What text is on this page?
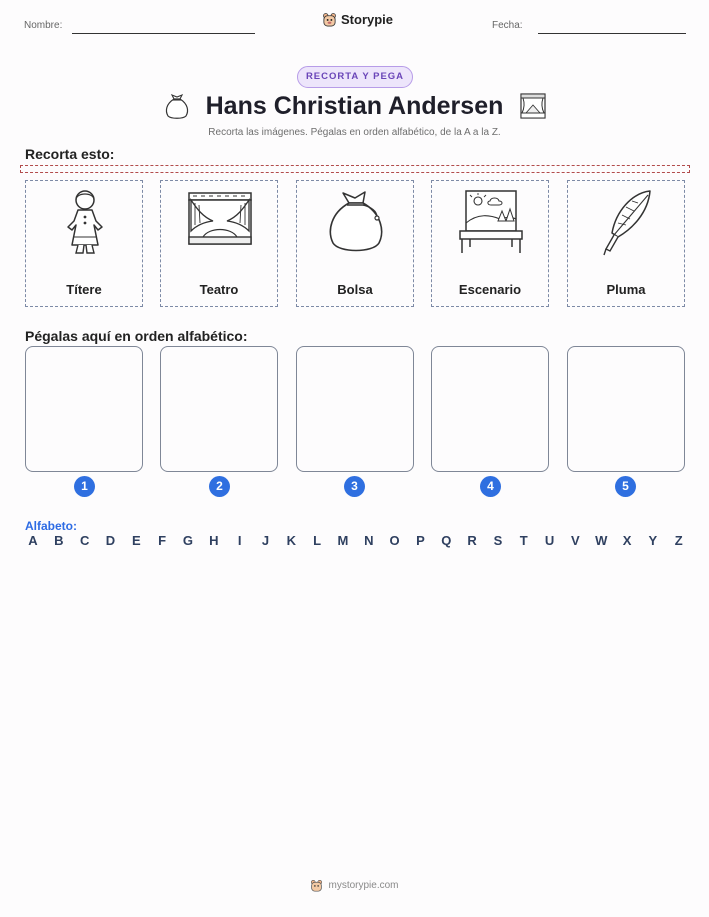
Nombre:	Storypie	Fecha:
RECORTA Y PEGA
Hans Christian Andersen
Recorta las imágenes. Pégalas en orden alfabético, de la A a la Z.
Recorta esto:
Títere	Teatro	Bolsa	Escenario	Pluma
Pégalas aquí en orden alfabético:
1	2	3	4	5
Alfabeto:
A B C D E F G H	I	J K L M N O P Q R S T U V W X Y Z
mystorypie.com
